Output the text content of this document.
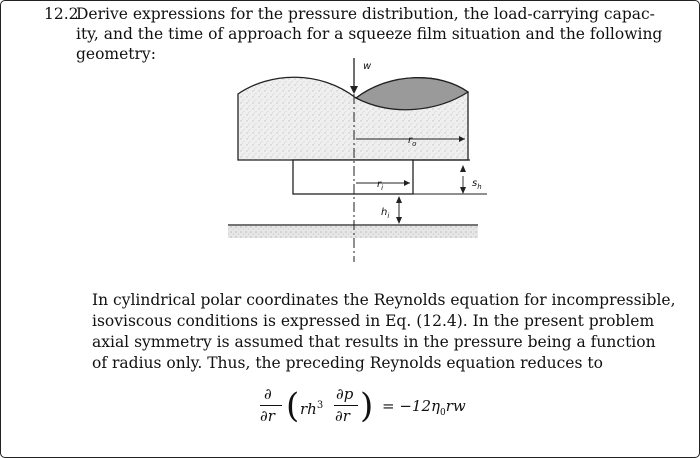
12.2
Derive expressions for the pressure distribution, the load-carrying capac-
ity, and the time of approach for a squeeze film situation and the following
geometry:
w
$r_o$
$r_i$
$h_i$
$s_h$
In cylindrical polar coordinates the Reynolds equation for incompressible,
isoviscous conditions is expressed in Eq. (12.4). In the present problem
axial symmetry is assumed that results in the pressure being a function
of radius only. Thus, the preceding Reynolds equation reduces to
∂
∂r ( $rh^3$
∂p
∂r ) = $-12\eta_0rw$
